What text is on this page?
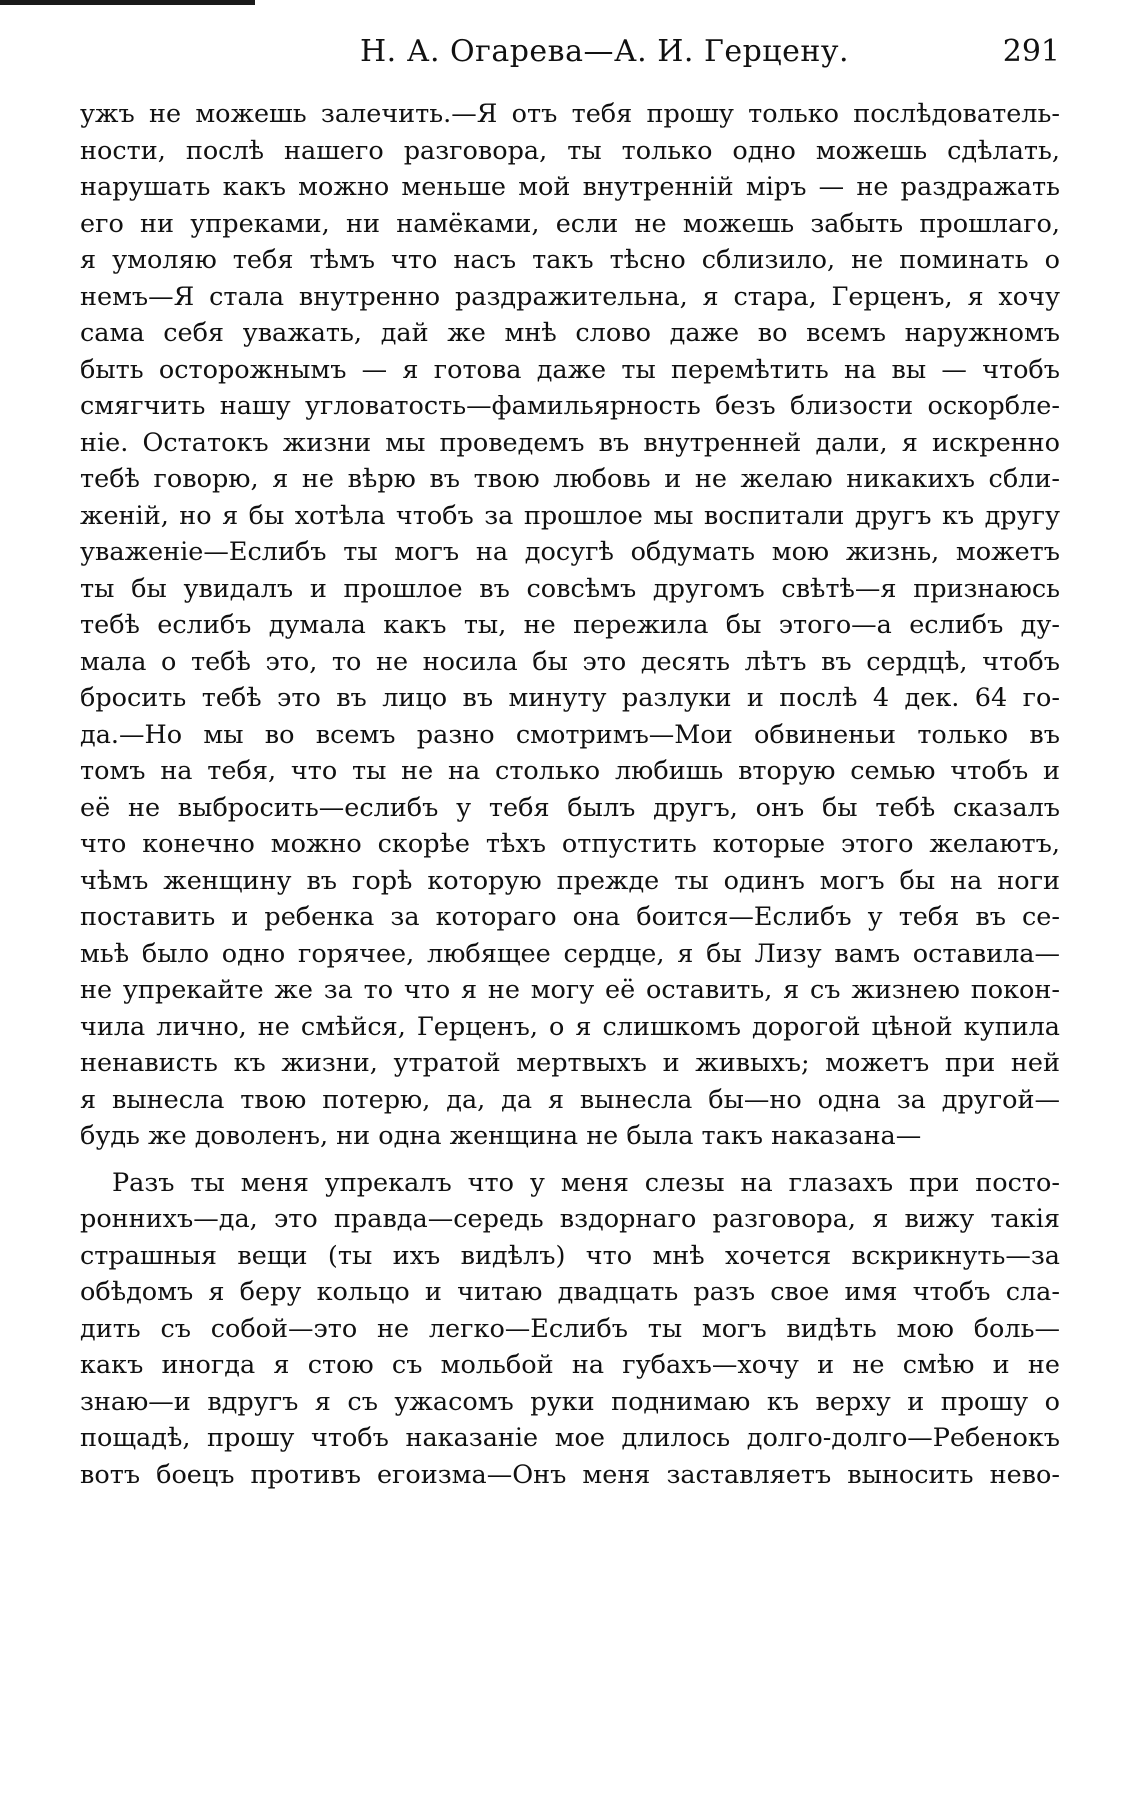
Н. А. Огарева—А. И. Герцену.	291
ужъ не можешь залечить.—Я отъ тебя прошу только послѣдователь-
ности, послѣ нашего разговора, ты только одно можешь сдѣлать,
нарушать какъ можно меньше мой внутренній міръ — не раздражать
его ни упреками, ни намёками, если не можешь забыть прошлаго,
я умоляю тебя тѣмъ что насъ такъ тѣсно сблизило, не поминать о
немъ—Я стала внутренно раздражительна, я стара, Герценъ, я хочу
сама себя уважать, дай же мнѣ слово даже во всемъ наружномъ
быть осторожнымъ — я готова даже ты перемѣтить на вы — чтобъ
смягчить нашу угловатость—фамильярность безъ близости оскорбле-
ніе. Остатокъ жизни мы проведемъ въ внутренней дали, я искренно
тебѣ говорю, я не вѣрю въ твою любовь и не желаю никакихъ сбли-
женій, но я бы хотѣла чтобъ за прошлое мы воспитали другъ къ другу
уваженіе—Еслибъ ты могъ на досугѣ обдумать мою жизнь, можетъ
ты бы увидалъ и прошлое въ совсѣмъ другомъ свѣтѣ—я признаюсь
тебѣ еслибъ думала какъ ты, не пережила бы этого—а еслибъ ду-
мала о тебѣ это, то не носила бы это десять лѣтъ въ сердцѣ, чтобъ
бросить тебѣ это въ лицо въ минуту разлуки и послѣ 4 дек. 64 го-
да.—Но мы во всемъ разно смотримъ—Мои обвиненьи только въ
томъ на тебя, что ты не на столько любишь вторую семью чтобъ и
её не выбросить—еслибъ у тебя былъ другъ, онъ бы тебѣ сказалъ
что конечно можно скорѣе тѣхъ отпустить которые этого желаютъ,
чѣмъ женщину въ горѣ которую прежде ты одинъ могъ бы на ноги
поставить и ребенка за котораго она боится—Еслибъ у тебя въ се-
мьѣ было одно горячее, любящее сердце, я бы Лизу вамъ оставила—
не упрекайте же за то что я не могу её оставить, я съ жизнею покон-
чила лично, не смѣйся, Герценъ, о я слишкомъ дорогой цѣной купила
ненависть къ жизни, утратой мертвыхъ и живыхъ; можетъ при ней
я вынесла твою потерю, да, да я вынесла бы—но одна за другой—
будь же доволенъ, ни одна женщина не была такъ наказана—
Разъ ты меня упрекалъ что у меня слезы на глазахъ при посто-
роннихъ—да, это правда—середь вздорнаго разговора, я вижу такія
страшныя вещи (ты ихъ видѣлъ) что мнѣ хочется вскрикнуть—за
обѣдомъ я беру кольцо и читаю двадцать разъ свое имя чтобъ сла-
дить съ собой—это не легко—Еслибъ ты могъ видѣть мою боль—
какъ иногда я стою съ мольбой на губахъ—хочу и не смѣю и не
знаю—и вдругъ я съ ужасомъ руки поднимаю къ верху и прошу о
пощадѣ, прошу чтобъ наказаніе мое длилось долго-долго—Ребенокъ
вотъ боецъ противъ егоизма—Онъ меня заставляетъ выносить нево-
